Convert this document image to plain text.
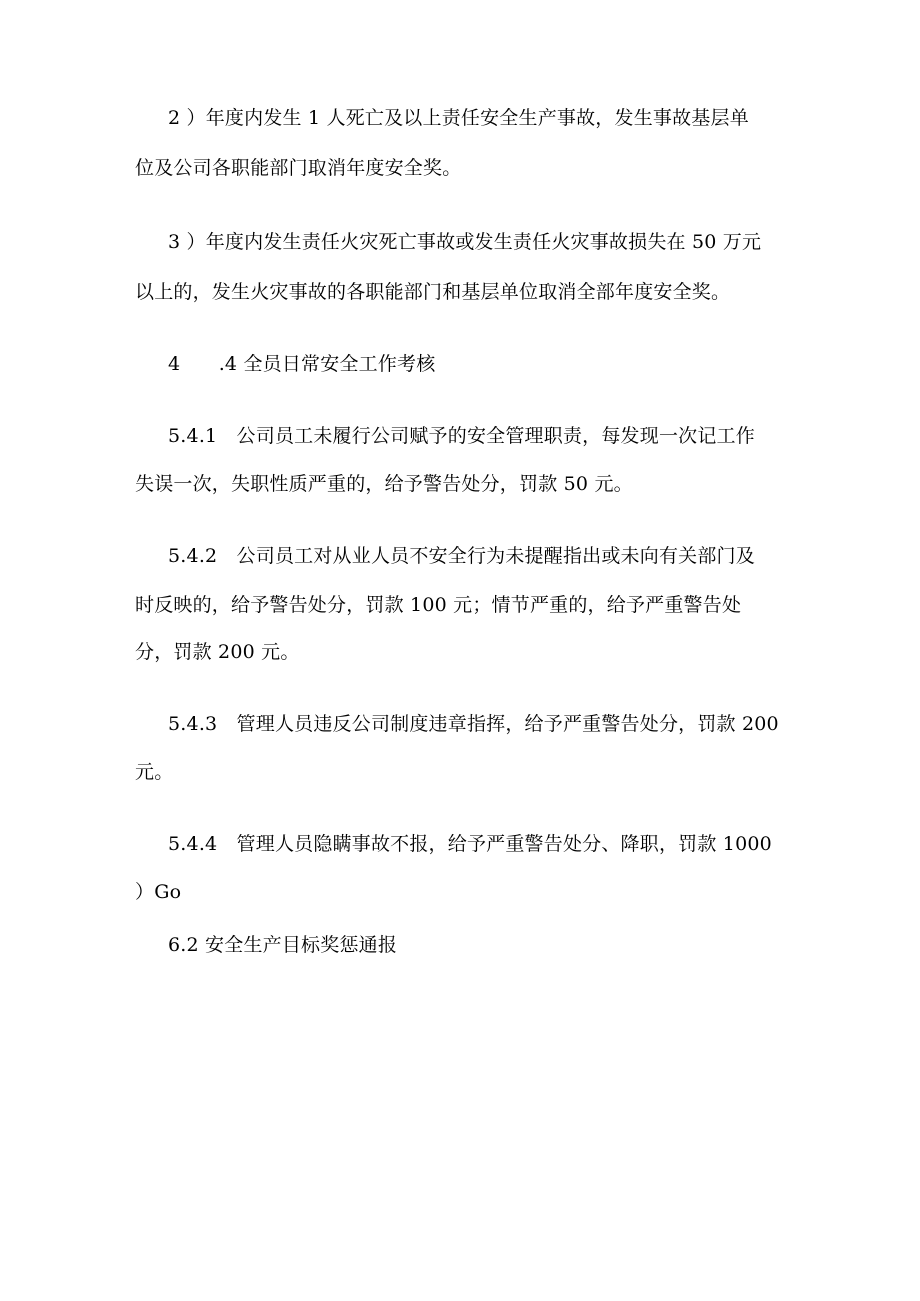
2 ）年度内发生 1 人死亡及以上责任安全生产事故，发生事故基层单
位及公司各职能部门取消年度安全奖。
3 ）年度内发生责任火灾死亡事故或发生责任火灾事故损失在 50 万元
以上的，发生火灾事故的各职能部门和基层单位取消全部年度安全奖。
4　　.4 全员日常安全工作考核
5.4.1　公司员工未履行公司赋予的安全管理职责，每发现一次记工作
失误一次，失职性质严重的，给予警告处分，罚款 50 元。
5.4.2　公司员工对从业人员不安全行为未提醒指出或未向有关部门及
时反映的，给予警告处分，罚款 100 元；情节严重的，给予严重警告处
分，罚款 200 元。
5.4.3　管理人员违反公司制度违章指挥，给予严重警告处分，罚款 200
元。
5.4.4　管理人员隐瞒事故不报，给予严重警告处分、降职，罚款 1000
）Go
6.2 安全生产目标奖惩通报
